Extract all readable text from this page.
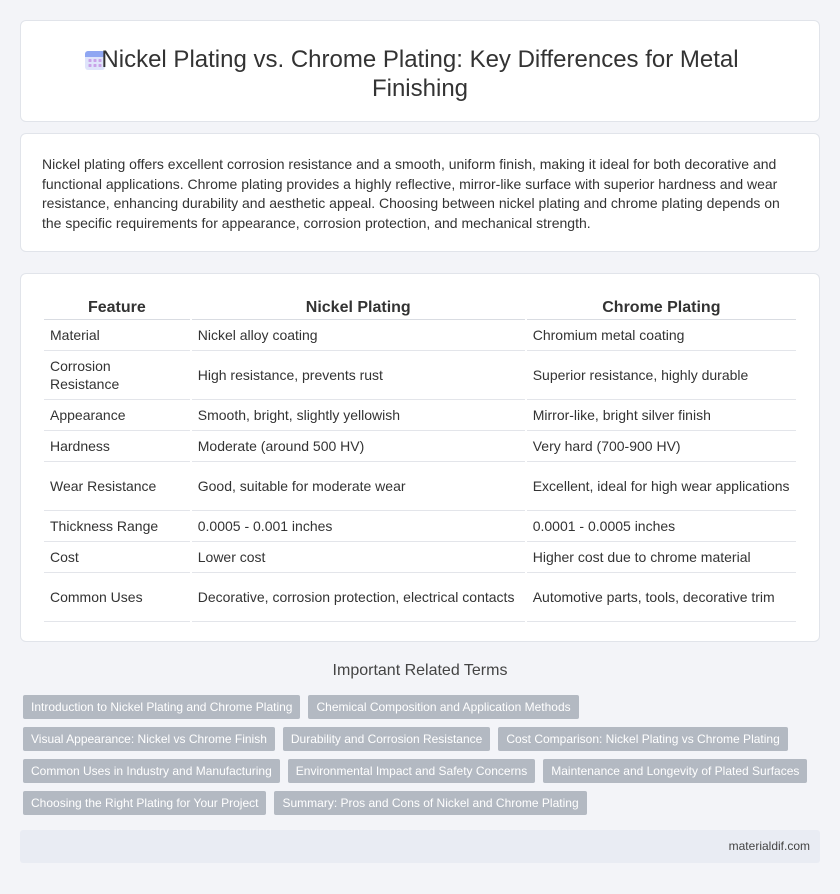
Nickel Plating vs. Chrome Plating: Key Differences for Metal Finishing

Nickel plating offers excellent corrosion resistance and a smooth, uniform finish, making it ideal for both decorative and functional applications. Chrome plating provides a highly reflective, mirror-like surface with superior hardness and wear resistance, enhancing durability and aesthetic appeal. Choosing between nickel plating and chrome plating depends on the specific requirements for appearance, corrosion protection, and mechanical strength.

Feature	Nickel Plating	Chrome Plating
Material	Nickel alloy coating	Chromium metal coating
Corrosion Resistance	High resistance, prevents rust	Superior resistance, highly durable
Appearance	Smooth, bright, slightly yellowish	Mirror-like, bright silver finish
Hardness	Moderate (around 500 HV)	Very hard (700-900 HV)
Wear Resistance	Good, suitable for moderate wear	Excellent, ideal for high wear applications
Thickness Range	0.0005 - 0.001 inches	0.0001 - 0.0005 inches
Cost	Lower cost	Higher cost due to chrome material
Common Uses	Decorative, corrosion protection, electrical contacts	Automotive parts, tools, decorative trim
Important Related Terms
Introduction to Nickel Plating and Chrome Plating	Chemical Composition and Application Methods
Visual Appearance: Nickel vs Chrome Finish	Durability and Corrosion Resistance	Cost Comparison: Nickel Plating vs Chrome Plating
Common Uses in Industry and Manufacturing	Environmental Impact and Safety Concerns	Maintenance and Longevity of Plated Surfaces
Choosing the Right Plating for Your Project	Summary: Pros and Cons of Nickel and Chrome Plating
materialdif.com
